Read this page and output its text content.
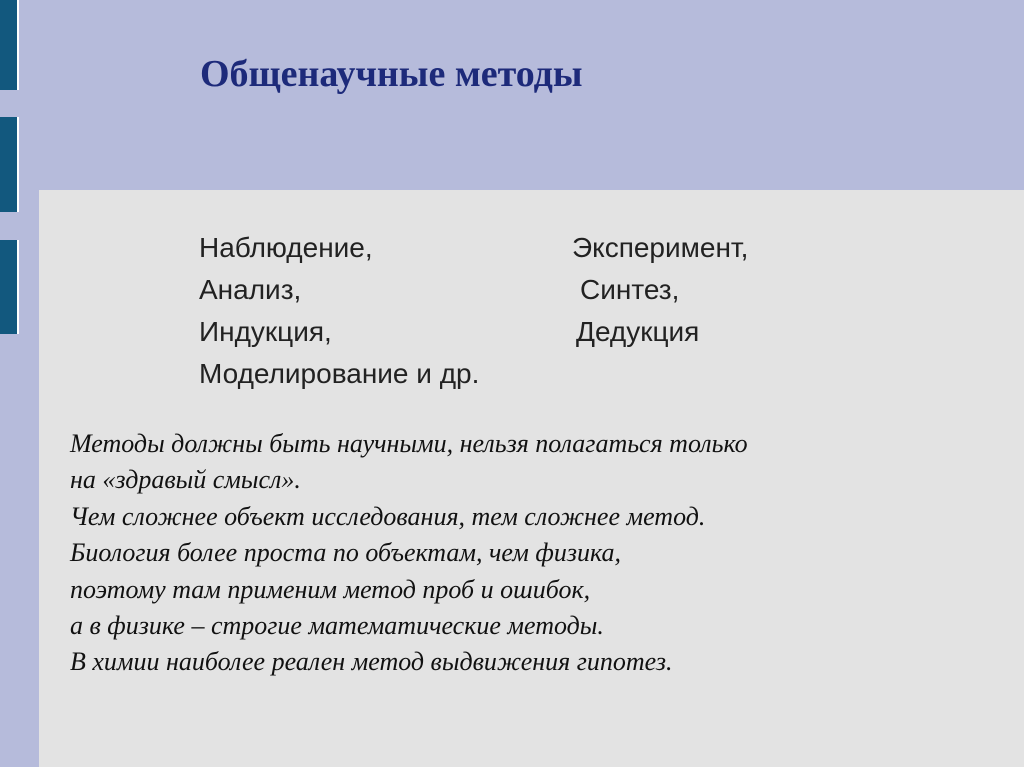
Общенаучные методы
Наблюдение,
Анализ,
Индукция,
Моделирование и др.
Эксперимент,
Синтез,
Дедукция
Методы должны быть научными, нельзя полагаться только
на «здравый смысл».
Чем сложнее объект исследования, тем сложнее метод.
Биология более проста по объектам, чем физика,
поэтому там применим метод проб и ошибок,
а в физике – строгие математические методы.
В химии наиболее реален метод выдвижения гипотез.
